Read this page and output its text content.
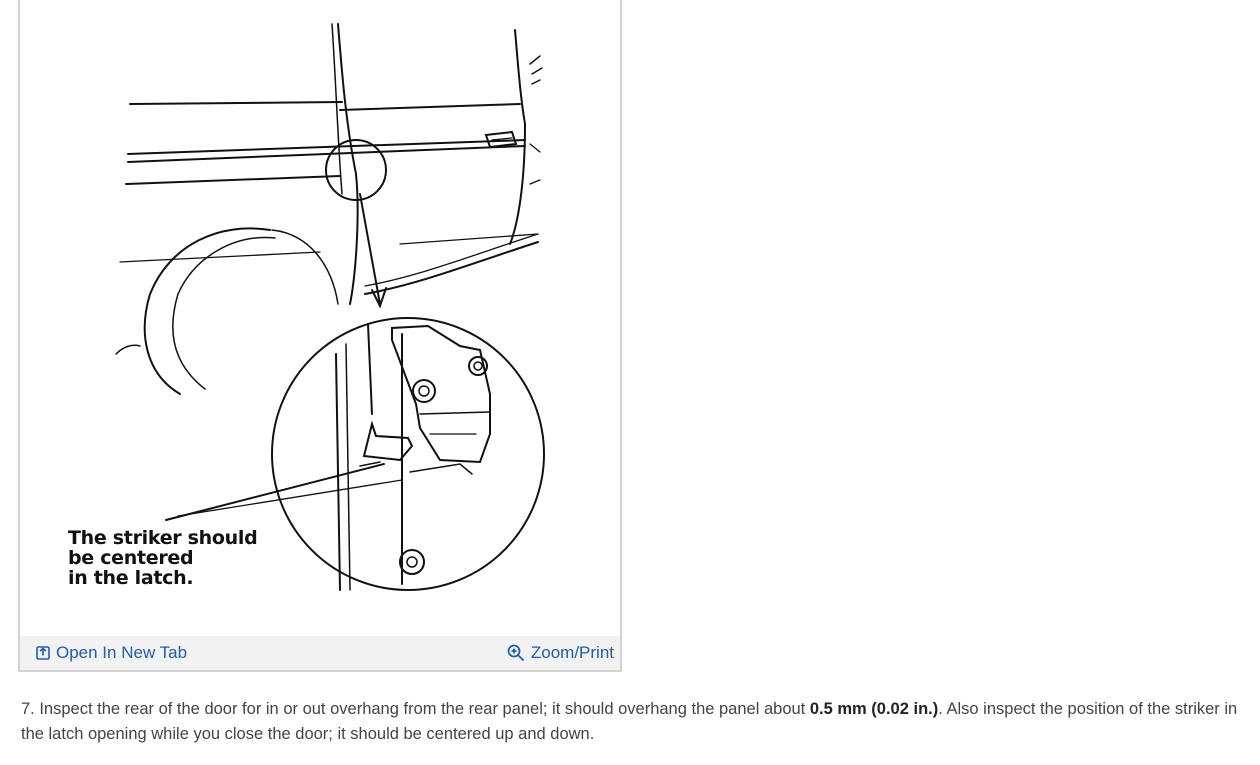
The striker should
be centered
in the latch.
Open In New Tab	Zoom/Print
7. Inspect the rear of the door for in or out overhang from the rear panel; it should overhang the panel about 0.5 mm (0.02 in.). Also inspect the position of the striker in the latch opening while you close the door; it should be centered up and down.
